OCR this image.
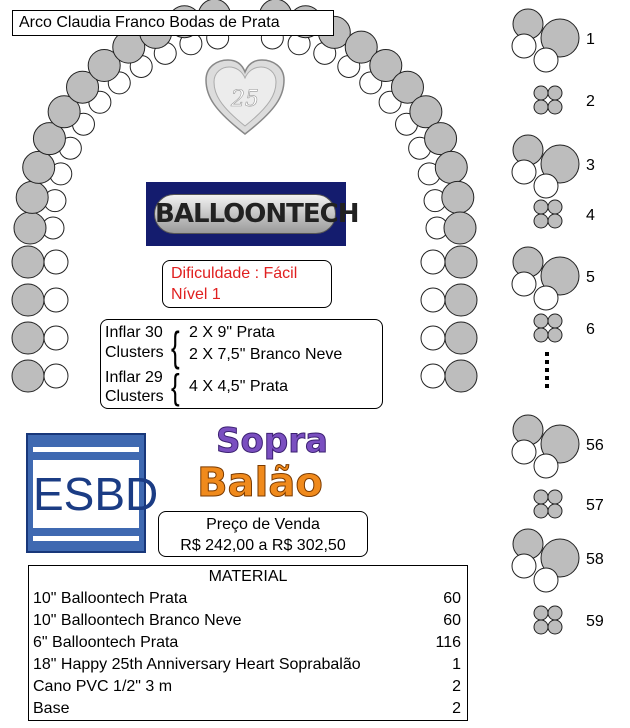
Arco Claudia Franco Bodas de Prata
25
BALLOONTECH
Dificuldade : Fácil
Nível 1
Inflar 30
Clusters { 2 X 9" Prata
2 X 7,5" Branco Neve
Inflar 29
Clusters { 4 X 4,5" Prata
ESBD
Sopra
Balão
Preço de Venda
R$ 242,00 a R$ 302,50
MATERIAL
10" Balloontech Prata	60
10" Balloontech Branco Neve	60
6" Balloontech Prata	116
18" Happy 25th Anniversary Heart Soprabalão	1
Cano PVC 1/2" 3 m	2
Base	2
1
2
3
4
5
6
56
57
58
59
